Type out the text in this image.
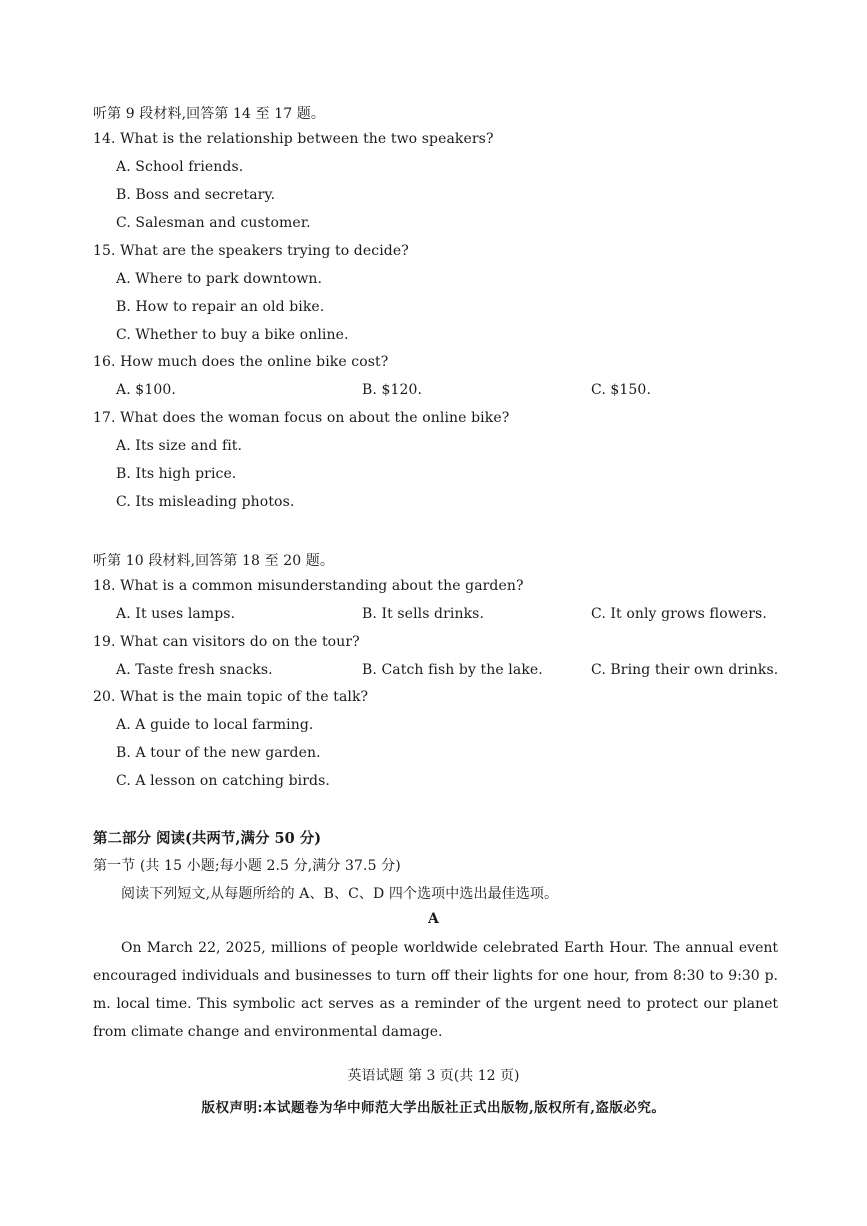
听第 9 段材料,回答第 14 至 17 题。
14. What is the relationship between the two speakers?
A. School friends.
B. Boss and secretary.
C. Salesman and customer.
15. What are the speakers trying to decide?
A. Where to park downtown.
B. How to repair an old bike.
C. Whether to buy a bike online.
16. How much does the online bike cost?
A. $100.	B. $120.	C. $150.
17. What does the woman focus on about the online bike?
A. Its size and fit.
B. Its high price.
C. Its misleading photos.
听第 10 段材料,回答第 18 至 20 题。
18. What is a common misunderstanding about the garden?
A. It uses lamps.	B. It sells drinks.	C. It only grows flowers.
19. What can visitors do on the tour?
A. Taste fresh snacks.	B. Catch fish by the lake.	C. Bring their own drinks.
20. What is the main topic of the talk?
A. A guide to local farming.
B. A tour of the new garden.
C. A lesson on catching birds.
第二部分 阅读(共两节,满分 50 分)
第一节 (共 15 小题;每小题 2.5 分,满分 37.5 分)
阅读下列短文,从每题所给的 A、B、C、D 四个选项中选出最佳选项。
A
On March 22, 2025, millions of people worldwide celebrated Earth Hour. The annual event encouraged individuals and businesses to turn off their lights for one hour, from 8:30 to 9:30 p. m. local time. This symbolic act serves as a reminder of the urgent need to protect our planet from climate change and environmental damage.
英语试题 第 3 页(共 12 页)
版权声明:本试题卷为华中师范大学出版社正式出版物,版权所有,盗版必究。
